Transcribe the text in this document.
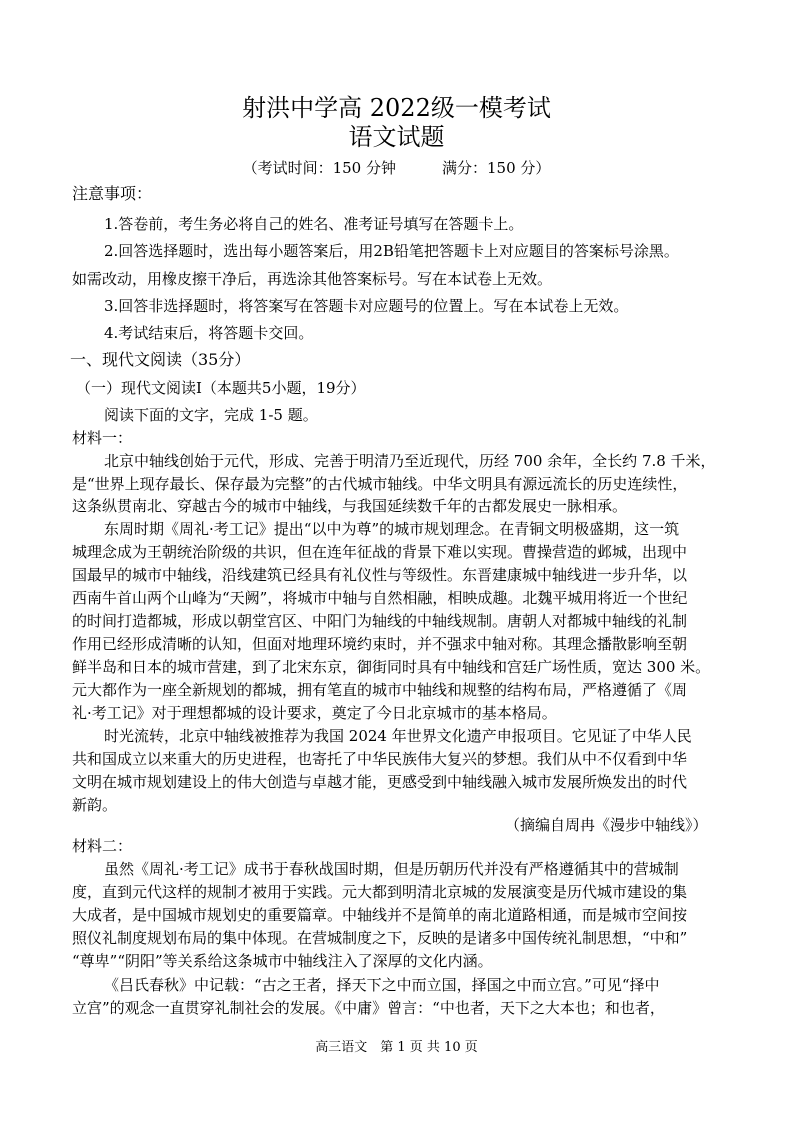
射洪中学高 2022级一模考试
语文试题
（考试时间：150 分钟	满分：150 分）
注意事项：
1.答卷前，考生务必将自己的姓名、准考证号填写在答题卡上。
2.回答选择题时，选出每小题答案后，用2B铅笔把答题卡上对应题目的答案标号涂黑。
如需改动，用橡皮擦干净后，再选涂其他答案标号。写在本试卷上无效。
3.回答非选择题时，将答案写在答题卡对应题号的位置上。写在本试卷上无效。
4.考试结束后，将答题卡交回。
一、现代文阅读（35分）
（一）现代文阅读Ⅰ（本题共5小题，19分）
阅读下面的文字，完成 1-5 题。
材料一：
北京中轴线创始于元代，形成、完善于明清乃至近现代，历经 700 余年，全长约 7.8 千米，
是“世界上现存最长、保存最为完整”的古代城市轴线。中华文明具有源远流长的历史连续性，
这条纵贯南北、穿越古今的城市中轴线，与我国延续数千年的古都发展史一脉相承。
东周时期《周礼·考工记》提出“以中为尊”的城市规划理念。在青铜文明极盛期，这一筑
城理念成为王朝统治阶级的共识，但在连年征战的背景下难以实现。曹操营造的邺城，出现中
国最早的城市中轴线，沿线建筑已经具有礼仪性与等级性。东晋建康城中轴线进一步升华，以
西南牛首山两个山峰为“天阙”，将城市中轴与自然相融，相映成趣。北魏平城用将近一个世纪
的时间打造都城，形成以朝堂宫区、中阳门为轴线的中轴线规制。唐朝人对都城中轴线的礼制
作用已经形成清晰的认知，但面对地理环境约束时，并不强求中轴对称。其理念播散影响至朝
鲜半岛和日本的城市营建，到了北宋东京，御街同时具有中轴线和宫廷广场性质，宽达 300 米。
元大都作为一座全新规划的都城，拥有笔直的城市中轴线和规整的结构布局，严格遵循了《周
礼·考工记》对于理想都城的设计要求，奠定了今日北京城市的基本格局。
时光流转，北京中轴线被推荐为我国 2024 年世界文化遗产申报项目。它见证了中华人民
共和国成立以来重大的历史进程，也寄托了中华民族伟大复兴的梦想。我们从中不仅看到中华
文明在城市规划建设上的伟大创造与卓越才能，更感受到中轴线融入城市发展所焕发出的时代
新韵。
（摘编自周冉《漫步中轴线》）
材料二：
虽然《周礼·考工记》成书于春秋战国时期，但是历朝历代并没有严格遵循其中的营城制
度，直到元代这样的规制才被用于实践。元大都到明清北京城的发展演变是历代城市建设的集
大成者，是中国城市规划史的重要篇章。中轴线并不是简单的南北道路相通，而是城市空间按
照仪礼制度规划布局的集中体现。在营城制度之下，反映的是诸多中国传统礼制思想，“中和”
“尊卑”“阴阳”等关系给这条城市中轴线注入了深厚的文化内涵。
《吕氏春秋》中记载：“古之王者，择天下之中而立国，择国之中而立宫。”可见“择中
立宫”的观念一直贯穿礼制社会的发展。《中庸》曾言：“中也者，天下之大本也；和也者，
高三语文　第 1 页 共 10 页
